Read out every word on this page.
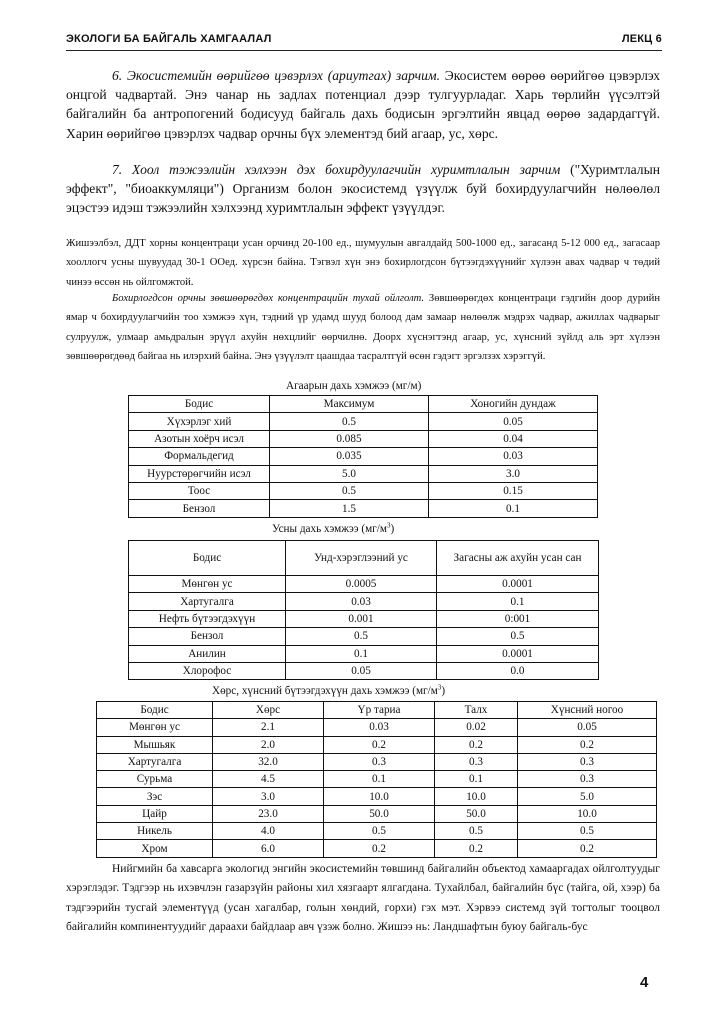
ЭКОЛОГИ БА БАЙГАЛЬ ХАМГААЛАЛ	ЛЕКЦ 6
6. Экосистемийн өөрийгөө цэвэрлэх (ариутгах) зарчим. Экосистем өөрөө өөрийгөө цэвэрлэх онцгой чадвартай. Энэ чанар нь задлах потенциал дээр тулгуурладаг. Харь төрлийн үүсэлтэй байгалийн ба антропогений бодисууд байгаль дахь бодисын эргэлтийн явцад өөрөө задардаггүй. Харин өөрийгөө цэвэрлэх чадвар орчны бүх элементэд бий агаар, ус, хөрс.
7. Хоол тэжээлийн хэлхээн дэх бохирдуулагчийн хуримтлалын зарчим ("Хуримтлалын эффект", "биоаккумляци") Организм болон экосистемд үзүүлж буй бохирдуулагчийн нөлөөлөл эцэстээ идэш тэжээлийн хэлхээнд хуримтлалын эффект үзүүлдэг.
Жишээлбэл, ДДТ хорны концентраци усан орчинд 20-100 ед., шумуулын авгалдайд 500-1000 ед., загасанд 5-12 000 ед., загасаар хооллогч усны шувуудад 30-1 ООед. хүрсэн байна. Тэгвэл хүн энэ бохирлогдсон бүтээгдэхүүнийг хүлээн авах чадвар ч төдий чинээ өссөн нь ойлгомжтой.
Бохирлогдсон орчны зөвшөөрөгдөх концентрацийн тухай ойлголт. Зөвшөөрөгдөх концентраци гэдгийн доор дурийн ямар ч бохирдуулагчийн тоо хэмжээ хүн, тэдний үр удамд шууд болоод дам замаар нөлөөлж мэдрэх чадвар, ажиллах чадварыг сулруулж, улмаар амьдралын эрүүл ахуйн нөхцлийг өөрчилнө. Доорх хүснэгтэнд агаар, ус, хүнсний зүйлд аль эрт хүлээн зөвшөөрөгдөөд байгаа нь илэрхий байна. Энэ үзүүлэлт цаашдаа тасралтгүй өсөн гэдэгт эргэлзэх хэрэггүй.
Агаарын дахь хэмжээ (мг/м)
Бодис	Максимум	Хоногийн дундаж
Хүхэрлэг хий	0.5	0.05
Азотын хоёрч исэл	0.085	0.04
Формальдегид	0.035	0.03
Нуурстөрөгчийн исэл	5.0	3.0
Тоос	0.5	0.15
Бензол	1.5	0.1
Усны дахь хэмжээ $(мг/м^3)$
Бодис	Унд-хэрэглээний ус	Загасны аж ахуйн усан сан
Мөнгөн ус	0.0005	0.0001
Хартугалга	0.03	0.1
Нефть бүтээгдэхүүн	0.001	0:001
Бензол	0.5	0.5
Анилин	0.1	0.0001
Хлорофос	0.05	0.0
Хөрс, хүнсний бүтээгдэхүүн дахь хэмжээ $(мг/м^3)$
Бодис	Хөрс	Үр тариа	Талх	Хүнсний ногоо
Мөнгөн ус	2.1	0.03	0.02	0.05
Мышьяк	2.0	0.2	0.2	0.2
Хартугалга	32.0	0.3	0.3	0.3
Сурьма	4.5	0.1	0.1	0.3
Зэс	3.0	10.0	10.0	5.0
Цайр	23.0	50.0	50.0	10.0
Никель	4.0	0.5	0.5	0.5
Хром	6.0	0.2	0.2	0.2
Нийгмийн ба хавсарга экологид энгийн экосистемийн төвшинд байгалийн объектод хамааргадах ойлголтуудыг хэрэглэдэг. Тэдгээр нь ихэвчлэн газарзүйн районы хил хязгаарт ялгагдана. Тухайлбал, байгалийн бүс (тайга, ой, хээр) ба тэдгээрийн тусгай элементүүд (усан хагалбар, голын хөндий, горхи) гэх мэт. Хэрвээ системд зүй тогтолыг тооцвол байгалийн компинентуудийг дараахи байдлаар авч үзэж болно. Жишээ нь: Ландшафтын буюу байгаль-бус
4
